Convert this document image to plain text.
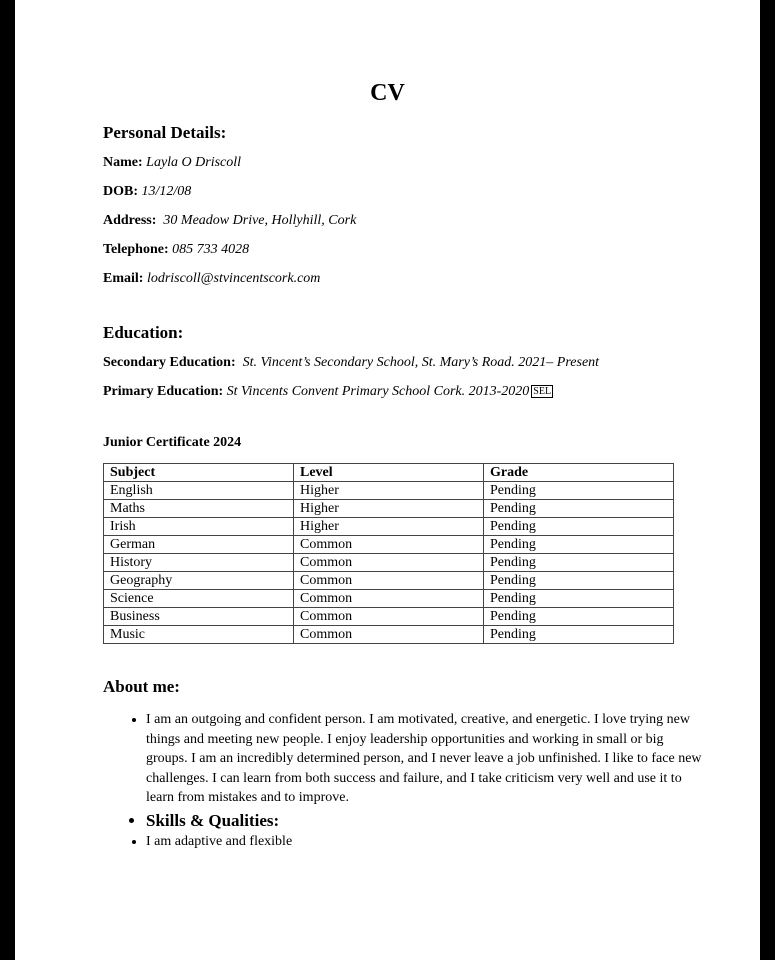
CV
Personal Details:
Name: Layla O Driscoll
DOB: 13/12/08
Address: 30 Meadow Drive, Hollyhill, Cork
Telephone: 085 733 4028
Email: lodriscoll@stvincentscork.com
Education:
Secondary Education: St. Vincent’s Secondary School, St. Mary’s Road. 2021– Present
Primary Education: St Vincents Convent Primary School Cork. 2013-2020 SEL
Junior Certificate 2024
Subject	Level	Grade
English	Higher	Pending
Maths	Higher	Pending
Irish	Higher	Pending
German	Common	Pending
History	Common	Pending
Geography	Common	Pending
Science	Common	Pending
Business	Common	Pending
Music	Common	Pending
About me:
• I am an outgoing and confident person. I am motivated, creative, and energetic. I love trying new things and meeting new people. I enjoy leadership opportunities and working in small or big groups. I am an incredibly determined person, and I never leave a job unfinished. I like to face new challenges. I can learn from both success and failure, and I take criticism very well and use it to learn from mistakes and to improve.
• Skills & Qualities:
• I am adaptive and flexible
